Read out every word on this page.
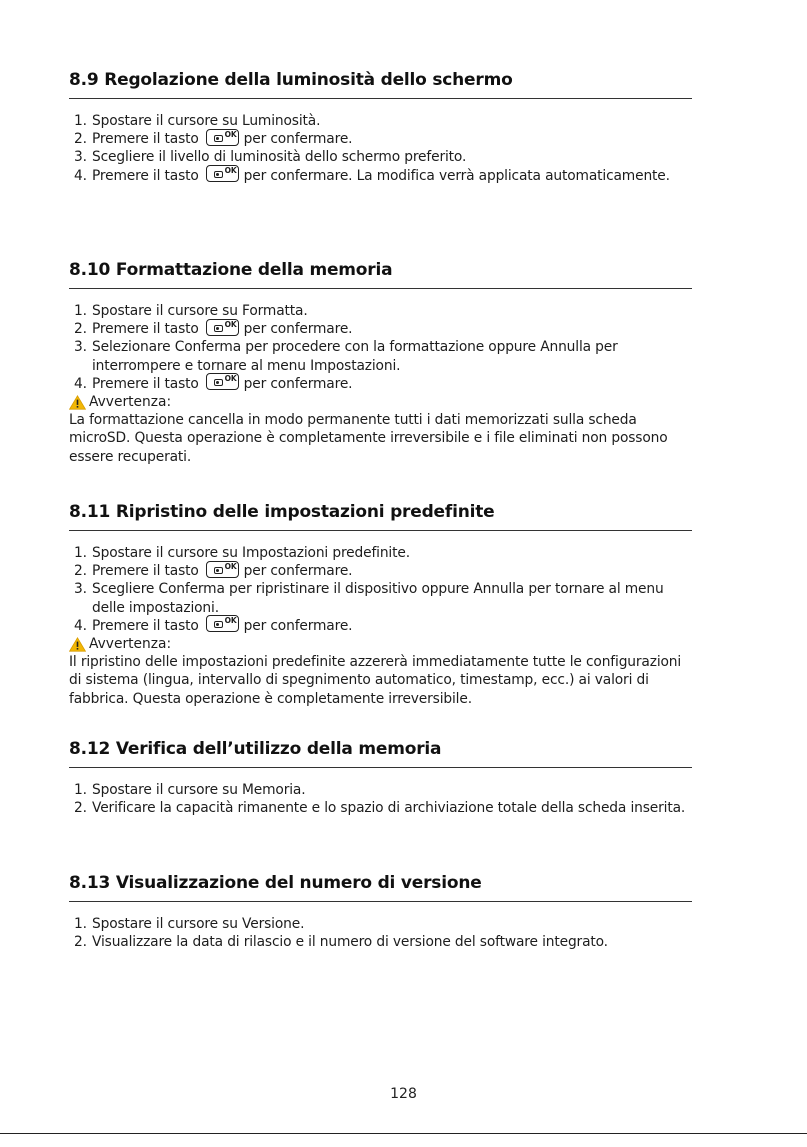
8.9 Regolazione della luminosità dello schermo
1. Spostare il cursore su Luminosità.
2. Premere il tasto	OK per confermare.
3. Scegliere il livello di luminosità dello schermo preferito.
4. Premere il tasto	OK per confermare. La modifica verrà applicata automaticamente.
8.10 Formattazione della memoria
1. Spostare il cursore su Formatta.
2. Premere il tasto	OK per confermare.
3. Selezionare Conferma per procedere con la formattazione oppure Annulla per interrompere e tornare al menu Impostazioni.
4. Premere il tasto	OK per confermare.

Avvertenza:

La formattazione cancella in modo permanente tutti i dati memorizzati sulla scheda microSD. Questa operazione è completamente irreversibile e i file eliminati non possono essere recuperati.

8.11 Ripristino delle impostazioni predefinite
1. Spostare il cursore su Impostazioni predefinite.
2. Premere il tasto	OK per confermare.
3. Scegliere Conferma per ripristinare il dispositivo oppure Annulla per tornare al menu delle impostazioni.
4. Premere il tasto	OK per confermare.

Avvertenza:

Il ripristino delle impostazioni predefinite azzererà immediatamente tutte le configurazioni di sistema (lingua, intervallo di spegnimento automatico, timestamp, ecc.) ai valori di fabbrica. Questa operazione è completamente irreversibile.

8.12 Verifica dell’utilizzo della memoria
1. Spostare il cursore su Memoria.
2. Verificare la capacità rimanente e lo spazio di archiviazione totale della scheda inserita.
8.13 Visualizzazione del numero di versione
1. Spostare il cursore su Versione.
2. Visualizzare la data di rilascio e il numero di versione del software integrato.
128
